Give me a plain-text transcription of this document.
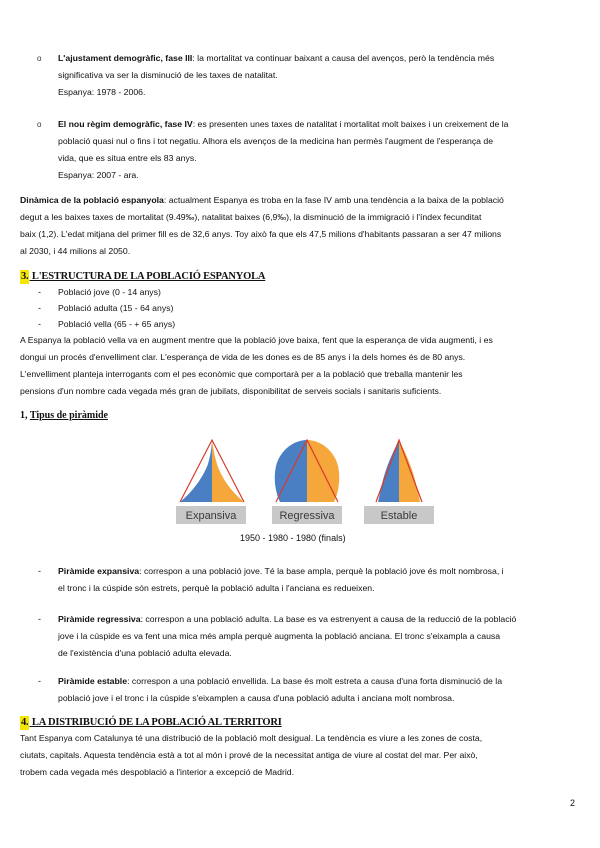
o L'ajustament demogràfic, fase III: la mortalitat va continuar baixant a causa del avenços, però la tendència més
significativa va ser la disminució de les taxes de natalitat.
Espanya: 1978 - 2006.
o El nou règim demogràfic, fase IV: es presenten unes taxes de natalitat i mortalitat molt baixes i un creixement de la
població quasi nul o fins i tot negatiu. Alhora els avenços de la medicina han permès l'augment de l'esperança de
vida, que es situa entre els 83 anys.
Espanya: 2007 - ara.
Dinàmica de la població espanyola: actualment Espanya es troba en la fase IV amb una tendència a la baixa de la població
degut a les baixes taxes de mortalitat (9.49‰), natalitat baixes (6,9‰), la disminució de la immigració i l'índex fecunditat
baix (1,2). L'edat mitjana del primer fill es de 32,6 anys. Toy això fa que els 47,5 milions d'habitants passaran a ser 47 milions
al 2030, i 44 milions al 2050.
3. L'ESTRUCTURA DE LA POBLACIÓ ESPANYOLA
- Població jove (0 - 14 anys)
- Població adulta (15 - 64 anys)
- Població vella (65 - + 65 anys)
A Espanya la població vella va en augment mentre que la població jove baixa, fent que la esperança de vida augmenti, i es
dongui un procés d'envelliment clar. L'esperança de vida de les dones es de 85 anys i la dels homes és de 80 anys.
L'envelliment planteja interrogants com el pes econòmic que comportarà per a la població que treballa mantenir les
pensions d'un nombre cada vegada més gran de jubilats, disponibilitat de serveis socials i sanitaris suficients.
1, Tipus de piràmide
Expansiva	Regressiva	Estable
1950 - 1980 - 1980 (finals)
- Piràmide expansiva: correspon a una població jove. Té la base ampla, perquè la població jove és molt nombrosa, i
el tronc i la cúspide són estrets, perquè la població adulta i l'anciana es redueixen.
- Piràmide regressiva: correspon a una població adulta. La base es va estrenyent a causa de la reducció de la població
jove i la cúspide es va fent una mica més ampla perquè augmenta la població anciana. El tronc s'eixampla a causa
de l'existència d'una població adulta elevada.
- Piràmide estable: correspon a una població envellida. La base és molt estreta a causa d'una forta disminució de la
població jove i el tronc i la cúspide s'eixamplen a causa d'una població adulta i anciana molt nombrosa.
4. LA DISTRIBUCIÓ DE LA POBLACIÓ AL TERRITORI
Tant Espanya com Catalunya té una distribució de la població molt desigual. La tendència es viure a les zones de costa,
ciutats, capitals. Aquesta tendència està a tot al món i prové de la necessitat antiga de viure al costat del mar. Per això,
trobem cada vegada més despoblació a l'interior a excepció de Madrid.
2
